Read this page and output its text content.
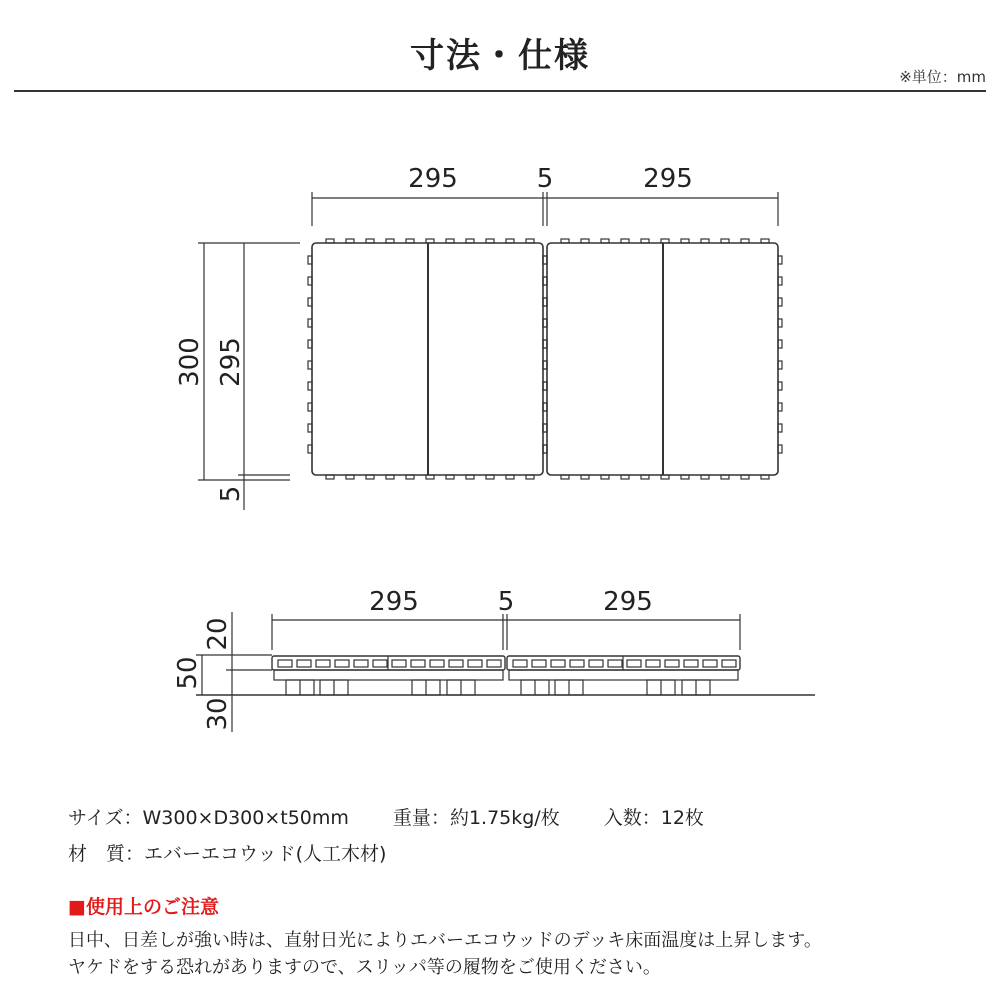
寸法・仕様
※単位：mm
295	5	295
300 295
5
295	5	295
20
50
30
サイズ：W300×D300×t50mm 重量：約1.75kg/枚 入数：12枚
材　質：エバーエコウッド(人工木材)
■使用上のご注意
日中、日差しが強い時は、直射日光によりエバーエコウッドのデッキ床面温度は上昇します。
ヤケドをする恐れがありますので、スリッパ等の履物をご使用ください。
